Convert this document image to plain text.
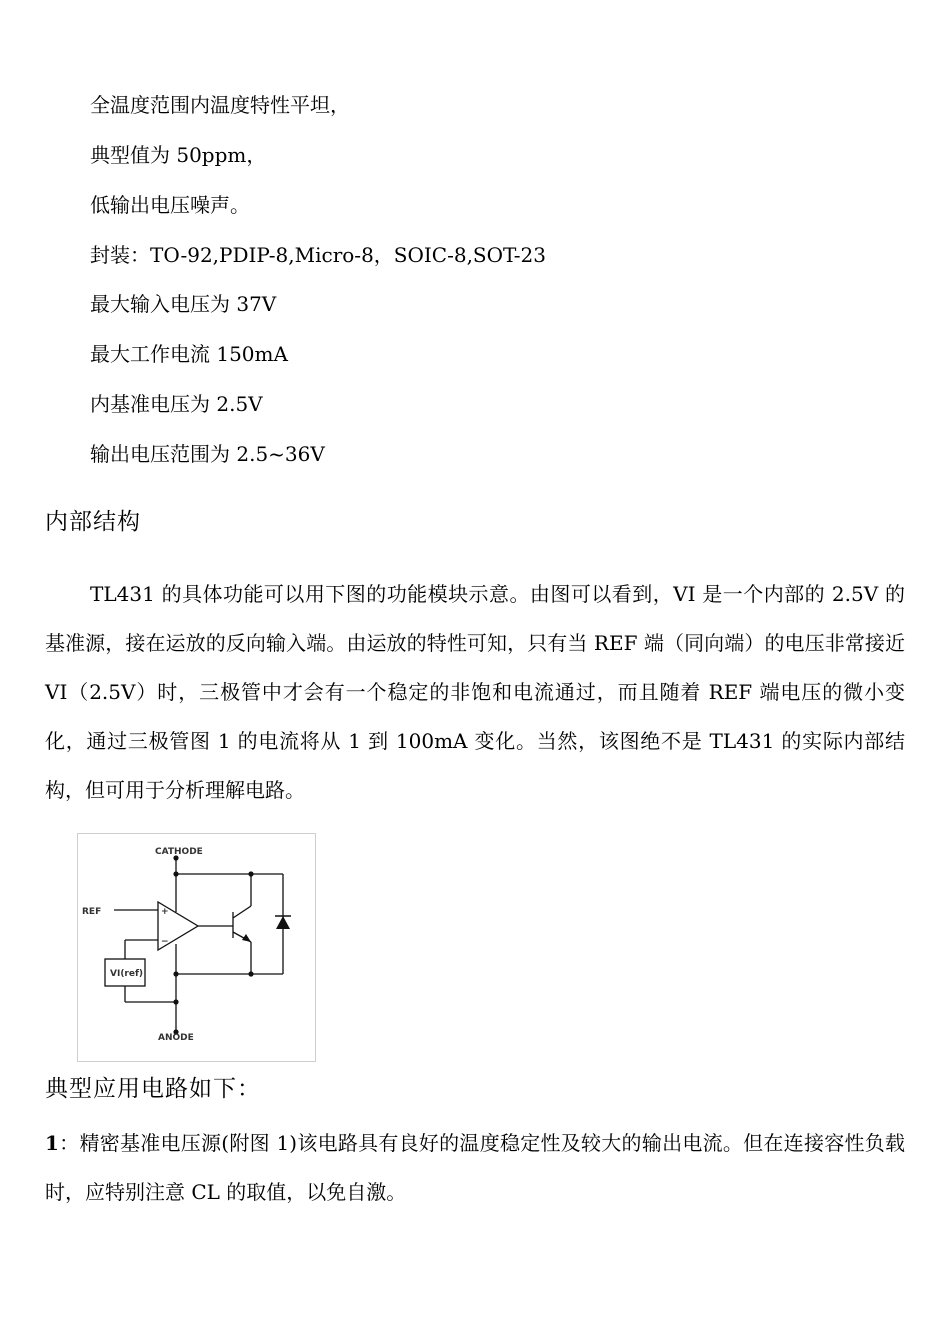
全温度范围内温度特性平坦，
典型值为 50ppm，
低输出电压噪声。
封装：TO-92,PDIP-8,Micro-8，SOIC-8,SOT-23
最大输入电压为 37V
最大工作电流 150mA
内基准电压为 2.5V
输出电压范围为 2.5~36V
内部结构
TL431 的具体功能可以用下图的功能模块示意。由图可以看到，VI 是一个内部的 2.5V 的基准源，接在运放的反向输入端。由运放的特性可知，只有当 REF 端（同向端）的电压非常接近 VI（2.5V）时，三极管中才会有一个稳定的非饱和电流通过，而且随着 REF 端电压的微小变化，通过三极管图 1 的电流将从 1 到 100mA 变化。当然，该图绝不是 TL431 的实际内部结构，但可用于分析理解电路。
CATHODE
REF
VI(ref)
ANODE
+
−
典型应用电路如下：
1：精密基准电压源(附图 1)该电路具有良好的温度稳定性及较大的输出电流。但在连接容性负载时，应特别注意 CL 的取值，以免自激。
